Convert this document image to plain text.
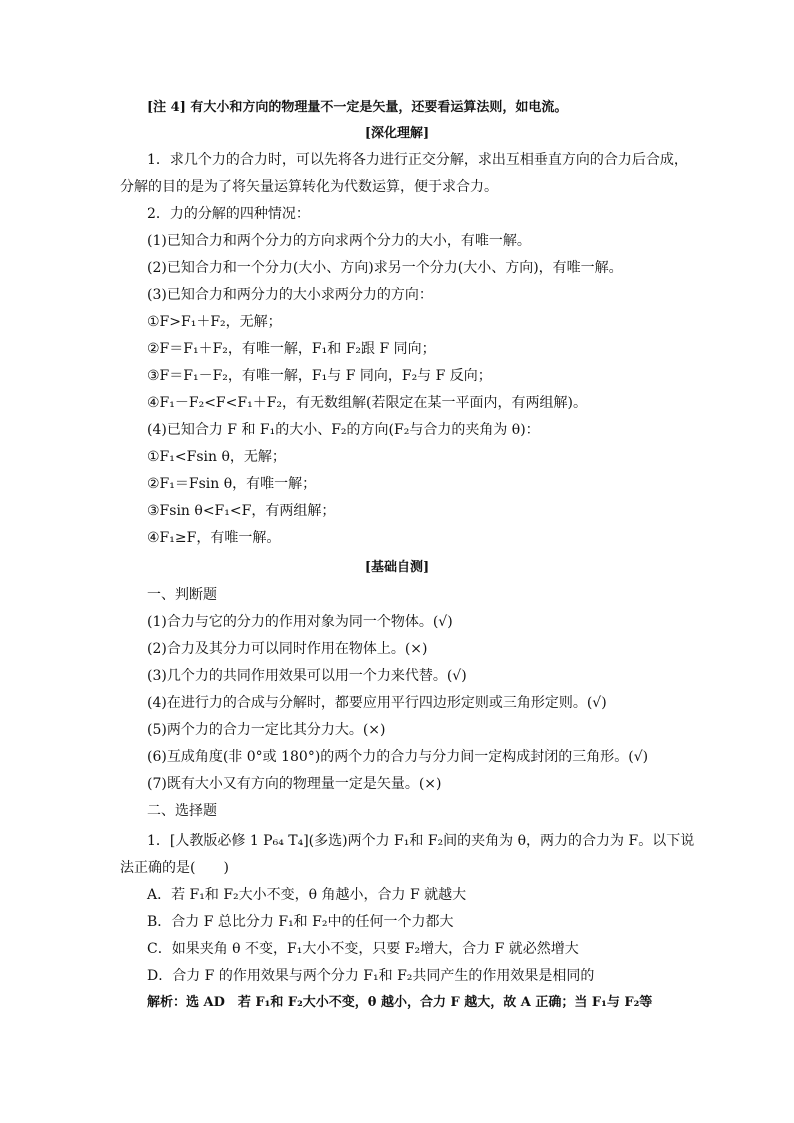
[注 4] 有大小和方向的物理量不一定是矢量，还要看运算法则，如电流。
[深化理解]
1．求几个力的合力时，可以先将各力进行正交分解，求出互相垂直方向的合力后合成，
分解的目的是为了将矢量运算转化为代数运算，便于求合力。
2．力的分解的四种情况：
(1)已知合力和两个分力的方向求两个分力的大小，有唯一解。
(2)已知合力和一个分力(大小、方向)求另一个分力(大小、方向)，有唯一解。
(3)已知合力和两分力的大小求两分力的方向：
①F>F₁＋F₂，无解；
②F＝F₁＋F₂，有唯一解，F₁和 F₂跟 F 同向；
③F＝F₁－F₂，有唯一解，F₁与 F 同向，F₂与 F 反向；
④F₁－F₂<F<F₁＋F₂，有无数组解(若限定在某一平面内，有两组解)。
(4)已知合力 F 和 F₁的大小、F₂的方向(F₂与合力的夹角为 θ)：
①F₁<Fsin θ，无解；
②F₁＝Fsin θ，有唯一解；
③Fsin θ<F₁<F，有两组解；
④F₁≥F，有唯一解。
[基础自测]
一、判断题
(1)合力与它的分力的作用对象为同一个物体。(√)
(2)合力及其分力可以同时作用在物体上。(×)
(3)几个力的共同作用效果可以用一个力来代替。(√)
(4)在进行力的合成与分解时，都要应用平行四边形定则或三角形定则。(√)
(5)两个力的合力一定比其分力大。(×)
(6)互成角度(非 0°或 180°)的两个力的合力与分力间一定构成封闭的三角形。(√)
(7)既有大小又有方向的物理量一定是矢量。(×)
二、选择题
1．[人教版必修 1 P₆₄ T₄](多选)两个力 F₁和 F₂间的夹角为 θ，两力的合力为 F。以下说
法正确的是(　　)
A．若 F₁和 F₂大小不变，θ 角越小，合力 F 就越大
B．合力 F 总比分力 F₁和 F₂中的任何一个力都大
C．如果夹角 θ 不变，F₁大小不变，只要 F₂增大，合力 F 就必然增大
D．合力 F 的作用效果与两个分力 F₁和 F₂共同产生的作用效果是相同的
解析：选 AD　若 F₁和 F₂大小不变，θ 越小，合力 F 越大，故 A 正确；当 F₁与 F₂等
